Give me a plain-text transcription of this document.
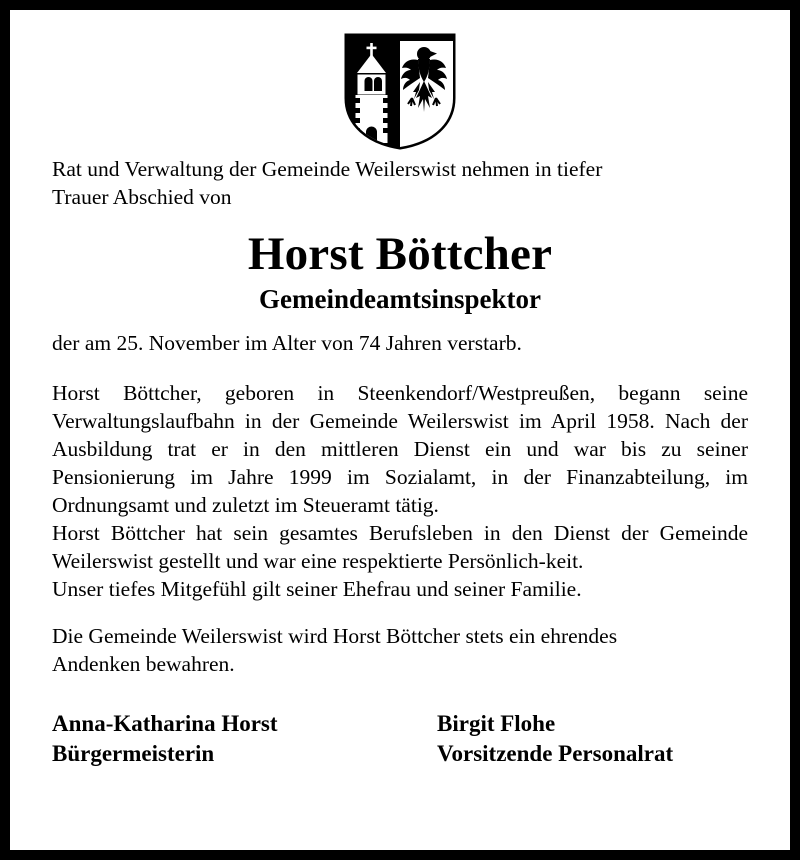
Rat und Verwaltung der Gemeinde Weilerswist nehmen in tiefer
Trauer Abschied von
Horst Böttcher
Gemeindeamtsinspektor
der am 25. November im Alter von 74 Jahren verstarb.

Horst Böttcher, geboren in Steenkendorf/Westpreußen, begann seine Verwaltungslaufbahn in der Gemeinde Weilerswist im April 1958. Nach der Ausbildung trat er in den mittleren Dienst ein und war bis zu seiner Pensionierung im Jahre 1999 im Sozialamt, in der Finanzabteilung, im Ordnungsamt und zuletzt im Steueramt tätig.

Horst Böttcher hat sein gesamtes Berufsleben in den Dienst der Gemeinde Weilerswist gestellt und war eine respektierte Persönlich-keit.

Unser tiefes Mitgefühl gilt seiner Ehefrau und seiner Familie.

Die Gemeinde Weilerswist wird Horst Böttcher stets ein ehrendes
Andenken bewahren.
Anna-Katharina Horst
Bürgermeisterin
Birgit Flohe
Vorsitzende Personalrat
